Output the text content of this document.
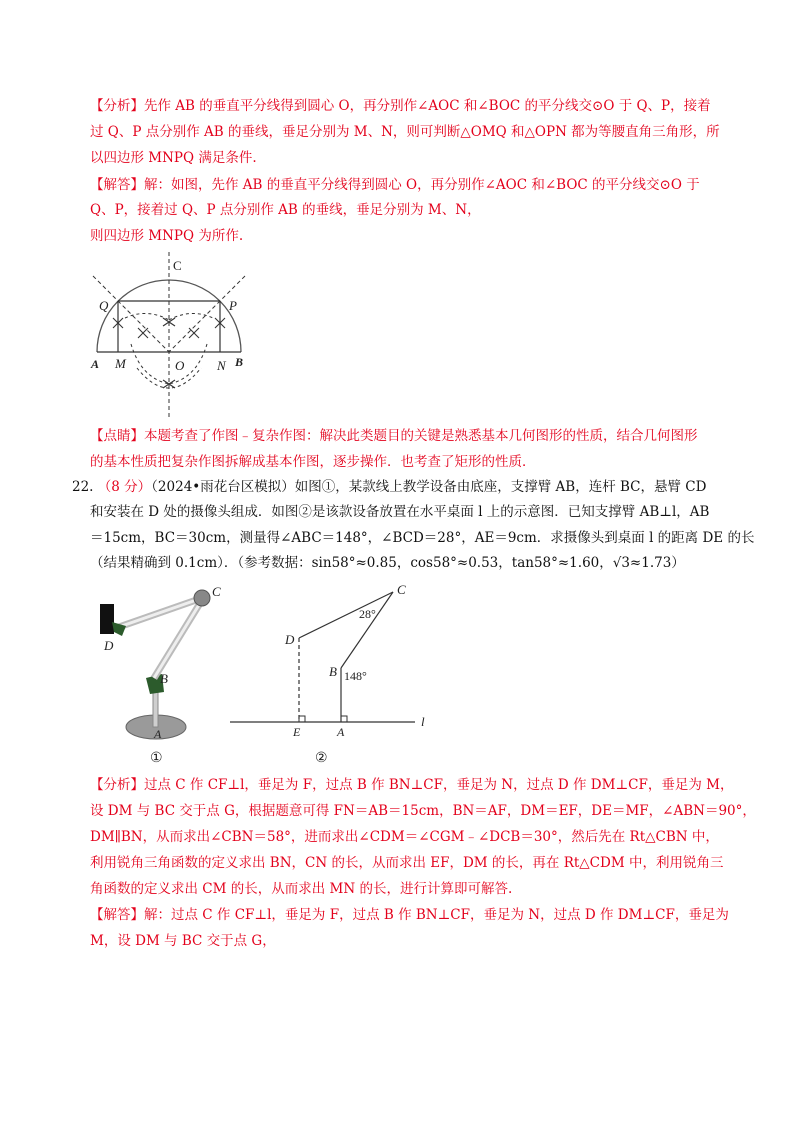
【分析】先作 AB 的垂直平分线得到圆心 O，再分别作∠AOC 和∠BOC 的平分线交⊙O 于 Q、P，接着
过 Q、P 点分别作 AB 的垂线，垂足分别为 M、N，则可判断△OMQ 和△OPN 都为等腰直角三角形，所
以四边形 MNPQ 满足条件.
【解答】解：如图，先作 AB 的垂直平分线得到圆心 O，再分别作∠AOC 和∠BOC 的平分线交⊙O 于
Q、P，接着过 Q、P 点分别作 AB 的垂线，垂足分别为 M、N，
则四边形 MNPQ 为所作.
C
Q	P
A M	O	N B
【点睛】本题考查了作图﹣复杂作图：解决此类题目的关键是熟悉基本几何图形的性质，结合几何图形
的基本性质把复杂作图拆解成基本作图，逐步操作．也考查了矩形的性质．
22. （8 分）（2024•雨花台区模拟）如图①，某款线上教学设备由底座，支撑臂 AB，连杆 BC，悬臂 CD
和安装在 D 处的摄像头组成．如图②是该款设备放置在水平桌面 l 上的示意图．已知支撑臂 AB⊥l，AB
＝15cm，BC＝30cm，测量得∠ABC＝148°，∠BCD＝28°，AE＝9cm．求摄像头到桌面 l 的距离 DE 的长
（结果精确到 0.1cm）．（参考数据：sin58°≈0.85，cos58°≈0.53，tan58°≈1.60，√3≈1.73）
C
D
B
A
①
C
D
B
E	A
l
28°
148°
②
【分析】过点 C 作 CF⊥l，垂足为 F，过点 B 作 BN⊥CF，垂足为 N，过点 D 作 DM⊥CF，垂足为 M，
设 DM 与 BC 交于点 G，根据题意可得 FN＝AB＝15cm，BN＝AF，DM＝EF，DE＝MF，∠ABN＝90°，
DM∥BN，从而求出∠CBN＝58°，进而求出∠CDM＝∠CGM﹣∠DCB＝30°，然后先在 Rt△CBN 中，
利用锐角三角函数的定义求出 BN，CN 的长，从而求出 EF，DM 的长，再在 Rt△CDM 中，利用锐角三
角函数的定义求出 CM 的长，从而求出 MN 的长，进行计算即可解答.
【解答】解：过点 C 作 CF⊥l，垂足为 F，过点 B 作 BN⊥CF，垂足为 N，过点 D 作 DM⊥CF，垂足为
M，设 DM 与 BC 交于点 G，
